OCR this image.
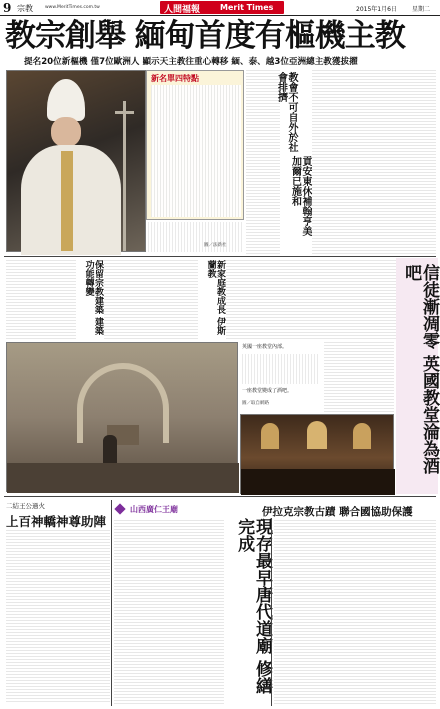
9 宗教	www.MeritTimes.com.tw	人間福報 Merit Times	2015年1月6日	星期二
教宗創舉 緬甸首度有樞機主教
提名20位新樞機 僅7位歐洲人 顯示天主教往重心轉移 緬、泰、越3位亞洲總主教獲拔擢
新名單四特點
圖／法新社
教會不可自外於社會排擠
貢安東休補翰亨美加爾已施和
保留宗教建築 建築功能轉變	新家庭教成長 伊斯蘭教	信徒漸凋零 英國教堂淪為酒吧
英國一座教堂內部。
一座教堂變成了酒吧。
圖／取自網路
二結王公過火
上百神轎神尊助陣
山西廣仁王廟
現存最早唐代道廟 修繕完成
伊拉克宗教古蹟 聯合國協助保護
